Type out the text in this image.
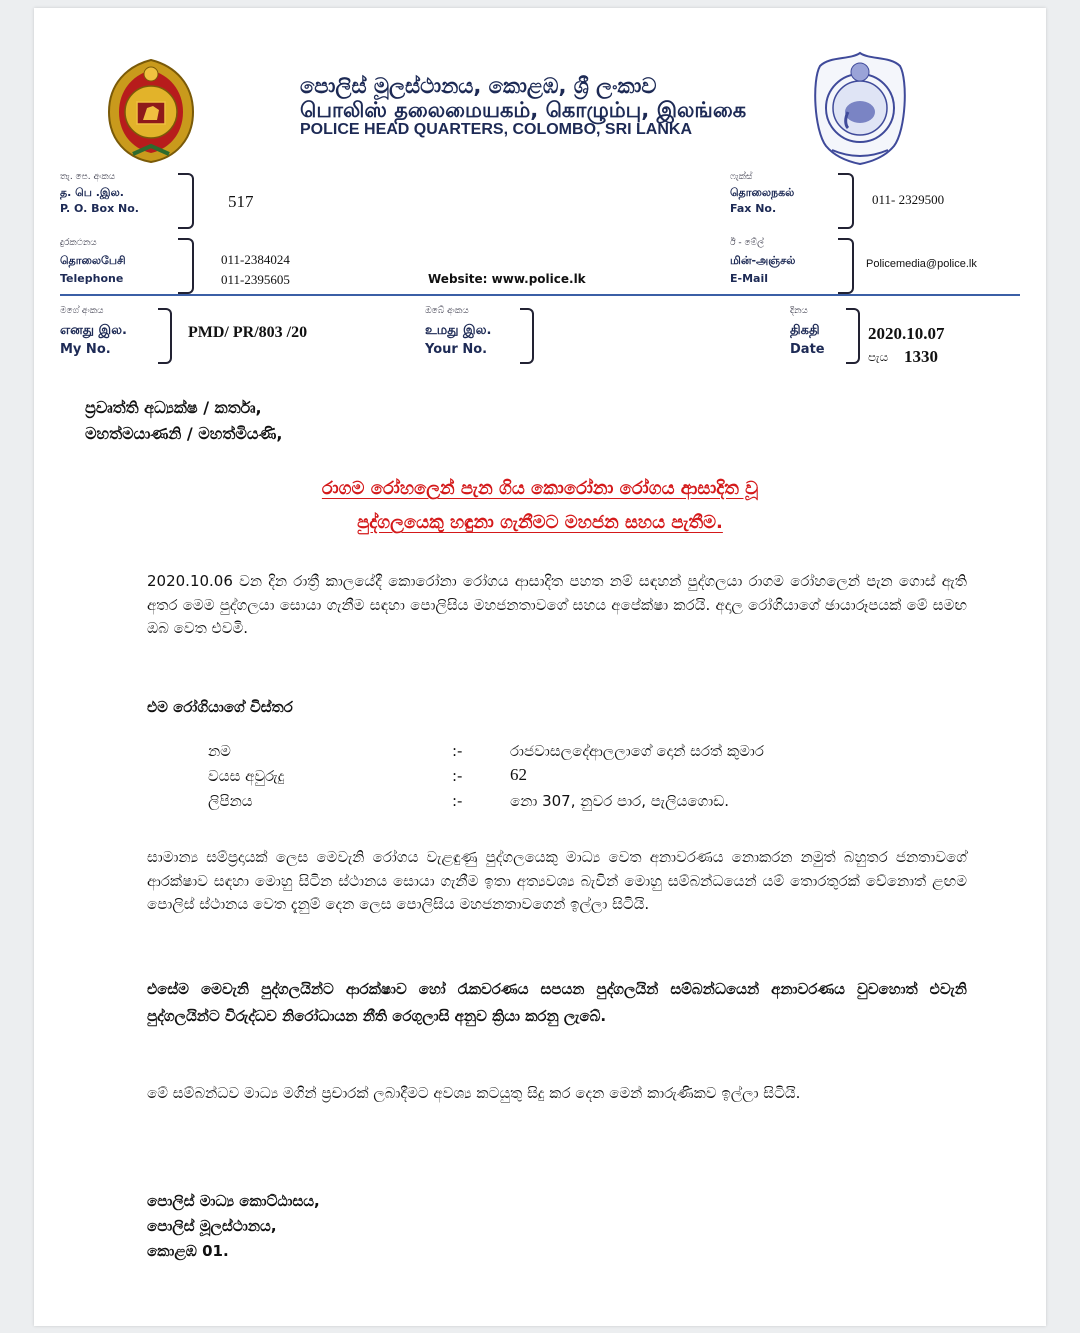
පොලිස් මූලස්ථානය, කොළඹ, ශ්‍රී ලංකාව
பொலிஸ் தலைமையகம், கொழும்பு, இலங்கை
POLICE HEAD QUARTERS, COLOMBO, SRI LANKA
තැ. පෙ. අංකය
த. பெ .இல.
P. O. Box No.	517
ෆැක්ස්
தொலைநகல்
Fax No.
011- 2329500
දුරකථනය
தொலைபேசி
Telephone
011-2384024
011-2395605	Website: www.police.lk
ඊ - මේල්
மின்-அஞ்சல்
E-Mail
Policemedia@police.lk
මගේ අංකය
எனது இல.
My No.
PMD/ PR/803 /20
ඔබේ අංකය
உமது இல.
Your No.
දිනය
திகதி
Date
2020.10.07
පැය 1330
ප්‍රවෘත්ති අධ්‍යක්ෂ / කර්තෘ,
මහත්මයාණනි / මහත්මියණි,
රාගම රෝහලෙන් පැන ගිය කොරෝනා රෝගය ආසාදිත වූ
පුද්ගලයෙකු හඳුනා ගැනීමට මහජන සහය පැතීම.
2020.10.06 වන දින රාත්‍රී කාලයේදී කොරෝනා රෝගය ආසාදිත පහත නම් සඳහන් පුද්ගලයා රාගම රෝහලෙන් පැන ගොස් ඇති අතර මෙම පුද්ගලයා සොයා ගැනීම සඳහා පොලිසිය මහජනතාවගේ සහය අපේක්ෂා කරයි. අදාල රෝගියාගේ ඡායාරූපයක් මේ සමඟ ඔබ වෙත එවමි.
එම රෝගියාගේ විස්තර
නම	:-	රාජවාසලදේආලලාගේ දොන් සරත් කුමාර
වයස අවුරුදු	:-	62
ලිපිනය	:-	නො 307, නුවර පාර, පැලියගොඩ.
සාමාන්‍ය සම්ප්‍රදායක් ලෙස මෙවැනි රෝගය වැළඳුණු පුද්ගලයෙකු මාධ්‍ය වෙත අනාවරණය නොකරන නමුත් බහුතර ජනතාවගේ ආරක්ෂාව සඳහා මොහු සිටින ස්ථානය සොයා ගැනීම ඉතා අත්‍යවශ්‍ය බැවින් මොහු සම්බන්ධයෙන් යම් තොරතුරක් වේනොත් ළඟම පොලිස් ස්ථානය වෙත දැනුම් දෙන ලෙස පොලිසිය මහජනතාවගෙන් ඉල්ලා සිටියි.
එසේම මෙවැනි පුද්ගලයින්ට ආරක්ෂාව හෝ රැකවරණය සපයන පුද්ගලයින් සම්බන්ධයෙන් අනාවරණය වුවහොත් එවැනි පුද්ගලයින්ට විරුද්ධව නිරෝධායන නීති රෙගුලාසි අනුව ක්‍රියා කරනු ලැබේ.
මේ සම්බන්ධව මාධ්‍ය මගින් ප්‍රචාරක් ලබාදීමට අවශ්‍ය කටයුතු සිදු කර දෙන මෙන් කාරුණිකව ඉල්ලා සිටියි.
පොලිස් මාධ්‍ය කොට්ඨාසය,
පොලිස් මූලස්ථානය,
කොළඹ 01.
